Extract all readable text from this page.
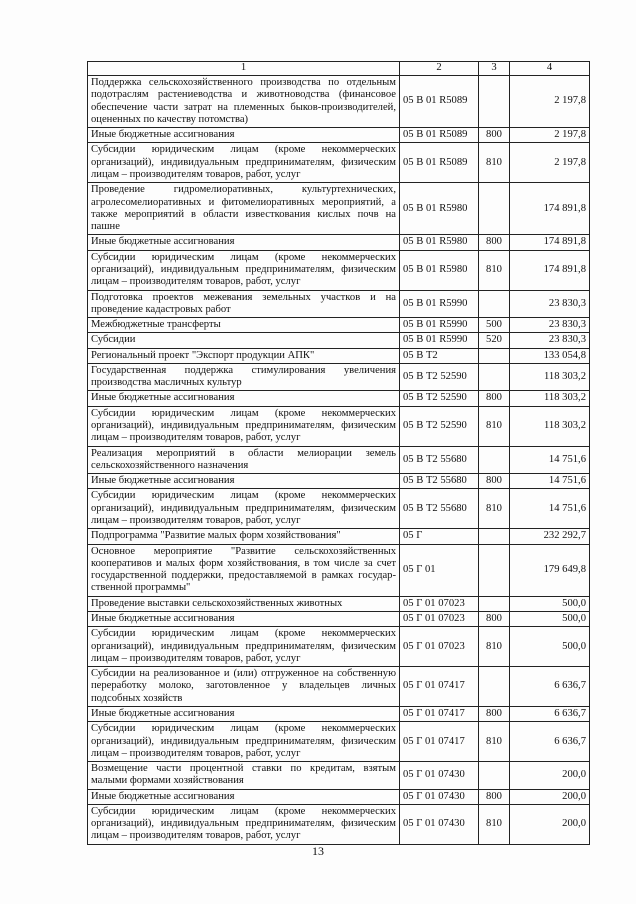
1	2	3	4
Поддержка сельскохозяйственного производства по отдельным подотраслям растениеводства и животноводства (финансовое обеспечение части затрат на племенных быков-производителей, оцененных по качеству потомства)	05 В 01 R5089		2 197,8
Иные бюджетные ассигнования	05 В 01 R5089	800	2 197,8
Субсидии юридическим лицам (кроме некоммерческих организаций), индивидуальным предпринимателям, физическим лицам – производителям товаров, работ, услуг	05 В 01 R5089	810	2 197,8
Проведение гидромелиоративных, культуртехнических, агролесомелиоративных и фитомелиоративных мероприятий, а также мероприятий в области известкования кислых почв на пашне	05 В 01 R5980		174 891,8
Иные бюджетные ассигнования	05 В 01 R5980	800	174 891,8
Субсидии юридическим лицам (кроме некоммерческих организаций), индивидуальным предпринимателям, физическим лицам – производителям товаров, работ, услуг	05 В 01 R5980	810	174 891,8
Подготовка проектов межевания земельных участков и на проведение кадастровых работ	05 В 01 R5990		23 830,3
Межбюджетные трансферты	05 В 01 R5990	500	23 830,3
Субсидии	05 В 01 R5990	520	23 830,3
Региональный проект "Экспорт продукции АПК"	05 В Т2		133 054,8
Государственная поддержка стимулирования увеличения производства масличных культур	05 В Т2 52590		118 303,2
Иные бюджетные ассигнования	05 В Т2 52590	800	118 303,2
Субсидии юридическим лицам (кроме некоммерческих организаций), индивидуальным предпринимателям, физическим лицам – производителям товаров, работ, услуг	05 В Т2 52590	810	118 303,2
Реализация мероприятий в области мелиорации земель сельскохозяйственного назначения	05 В Т2 55680		14 751,6
Иные бюджетные ассигнования	05 В Т2 55680	800	14 751,6
Субсидии юридическим лицам (кроме некоммерческих организаций), индивидуальным предпринимателям, физическим лицам – производителям товаров, работ, услуг	05 В Т2 55680	810	14 751,6
Подпрограмма "Развитие малых форм хозяйствования"	05 Г		232 292,7
Основное мероприятие "Развитие сельскохозяйственных кооперативов и малых форм хозяйствования, в том числе за счет государственной поддержки, предоставляемой в рамках государ- ственной программы"	05 Г 01		179 649,8
Проведение выставки сельскохозяйственных животных	05 Г 01 07023		500,0
Иные бюджетные ассигнования	05 Г 01 07023	800	500,0
Субсидии юридическим лицам (кроме некоммерческих организаций), индивидуальным предпринимателям, физическим лицам – производителям товаров, работ, услуг	05 Г 01 07023	810	500,0
Субсидии на реализованное и (или) отгруженное на собственную переработку молоко, заготовленное у владельцев личных подсобных хозяйств	05 Г 01 07417		6 636,7
Иные бюджетные ассигнования	05 Г 01 07417	800	6 636,7
Субсидии юридическим лицам (кроме некоммерческих организаций), индивидуальным предпринимателям, физическим лицам – производителям товаров, работ, услуг	05 Г 01 07417	810	6 636,7
Возмещение части процентной ставки по кредитам, взятым малыми формами хозяйствования	05 Г 01 07430		200,0
Иные бюджетные ассигнования	05 Г 01 07430	800	200,0
Субсидии юридическим лицам (кроме некоммерческих организаций), индивидуальным предпринимателям, физическим лицам – производителям товаров, работ, услуг	05 Г 01 07430	810	200,0
13
